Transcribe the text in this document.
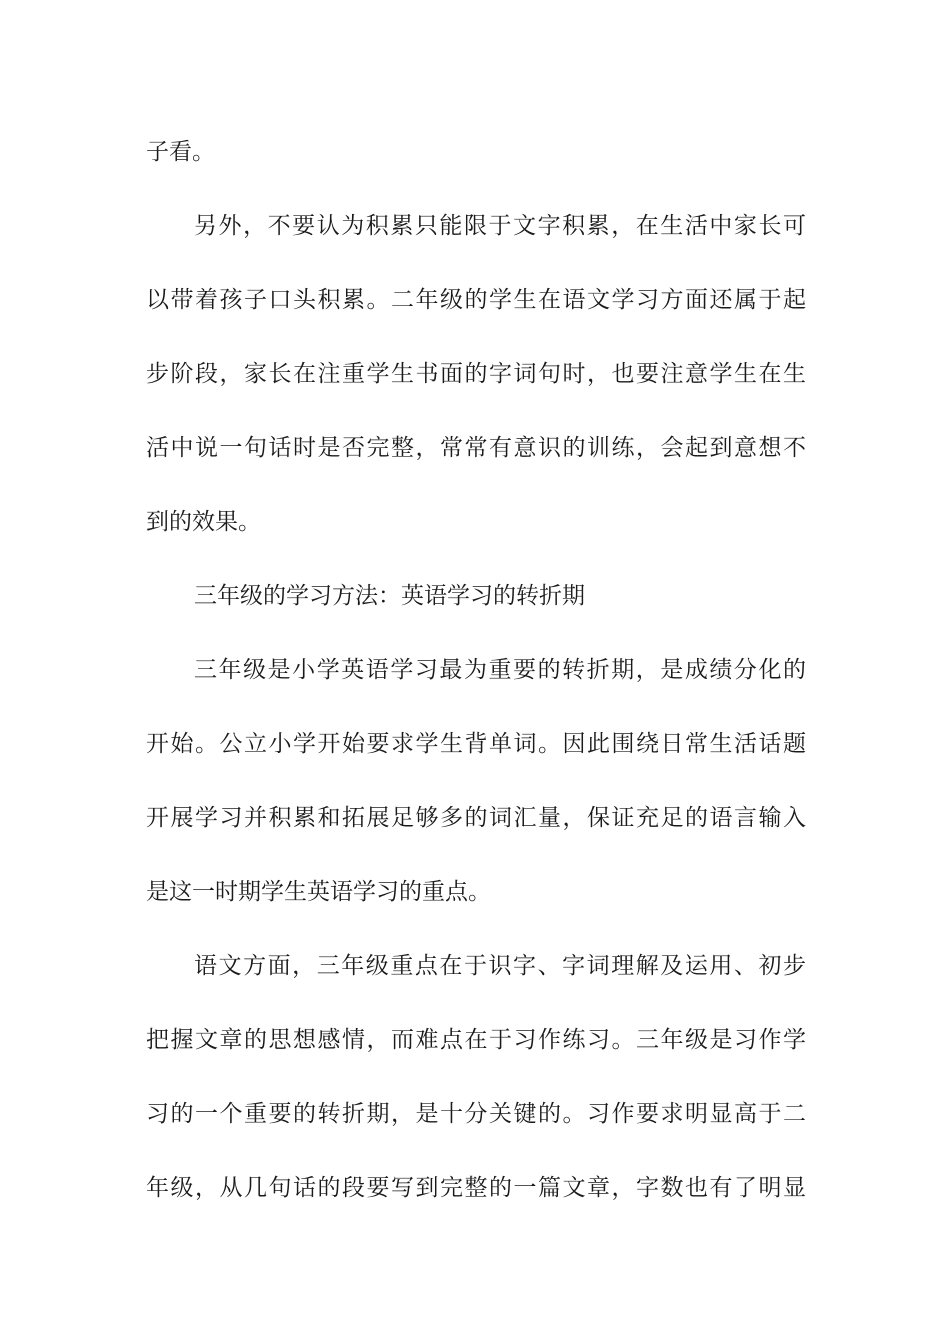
子看。
另外，不要认为积累只能限于文字积累，在生活中家长可
以带着孩子口头积累。二年级的学生在语文学习方面还属于起
步阶段，家长在注重学生书面的字词句时，也要注意学生在生
活中说一句话时是否完整，常常有意识的训练，会起到意想不
到的效果。
三年级的学习方法：英语学习的转折期
三年级是小学英语学习最为重要的转折期，是成绩分化的
开始。公立小学开始要求学生背单词。因此围绕日常生活话题
开展学习并积累和拓展足够多的词汇量，保证充足的语言输入
是这一时期学生英语学习的重点。
语文方面，三年级重点在于识字、字词理解及运用、初步
把握文章的思想感情，而难点在于习作练习。三年级是习作学
习的一个重要的转折期，是十分关键的。习作要求明显高于二
年级，从几句话的段要写到完整的一篇文章，字数也有了明显
